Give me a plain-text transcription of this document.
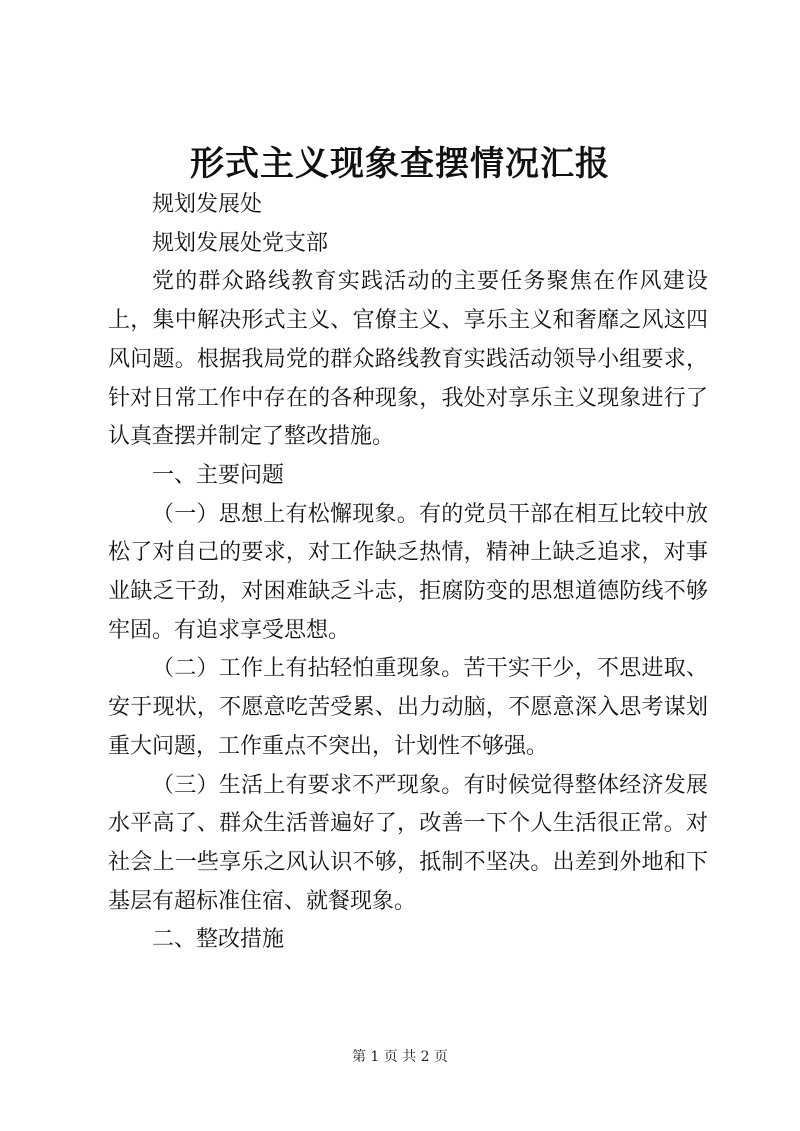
形式主义现象查摆情况汇报

规划发展处

规划发展处党支部

党的群众路线教育实践活动的主要任务聚焦在作风建设上，集中解决形式主义、官僚主义、享乐主义和奢靡之风这四风问题。根据我局党的群众路线教育实践活动领导小组要求，针对日常工作中存在的各种现象，我处对享乐主义现象进行了认真查摆并制定了整改措施。

一、主要问题

（一）思想上有松懈现象。有的党员干部在相互比较中放松了对自己的要求，对工作缺乏热情，精神上缺乏追求，对事业缺乏干劲，对困难缺乏斗志，拒腐防变的思想道德防线不够牢固。有追求享受思想。

（二）工作上有拈轻怕重现象。苦干实干少，不思进取、安于现状，不愿意吃苦受累、出力动脑，不愿意深入思考谋划重大问题，工作重点不突出，计划性不够强。

（三）生活上有要求不严现象。有时候觉得整体经济发展水平高了、群众生活普遍好了，改善一下个人生活很正常。对社会上一些享乐之风认识不够，抵制不坚决。出差到外地和下基层有超标准住宿、就餐现象。

二、整改措施

第 1 页 共 2 页
